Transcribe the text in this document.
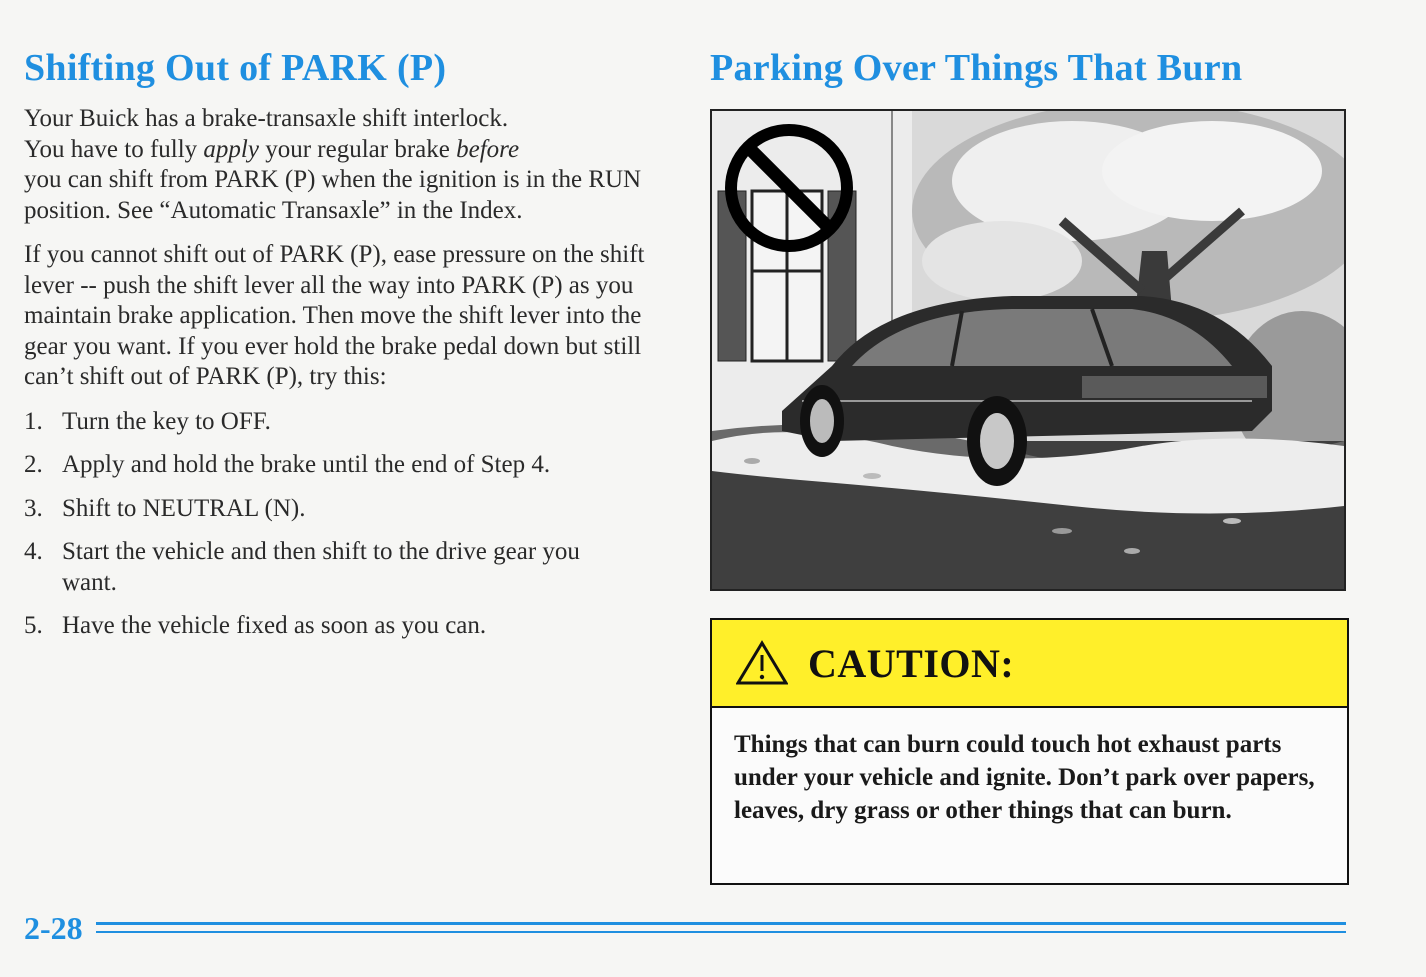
Shifting Out of PARK (P)

Your Buick has a brake-transaxle shift interlock.
You have to fully apply your regular brake before
you can shift from PARK (P) when the ignition is in the RUN position. See “Automatic Transaxle” in the Index.

If you cannot shift out of PARK (P), ease pressure on the shift lever -- push the shift lever all the way into PARK (P) as you maintain brake application. Then move the shift lever into the gear you want. If you ever hold the brake pedal down but still can’t shift out of PARK (P), try this:

1. Turn the key to OFF.
2. Apply and hold the brake until the end of Step 4.
3. Shift to NEUTRAL (N).
4. Start the vehicle and then shift to the drive gear you want.
5. Have the vehicle fixed as soon as you can.
Parking Over Things That Burn
CAUTION:
Things that can burn could touch hot exhaust parts under your vehicle and ignite. Don’t park over papers, leaves, dry grass or other things that can burn.
2-28
